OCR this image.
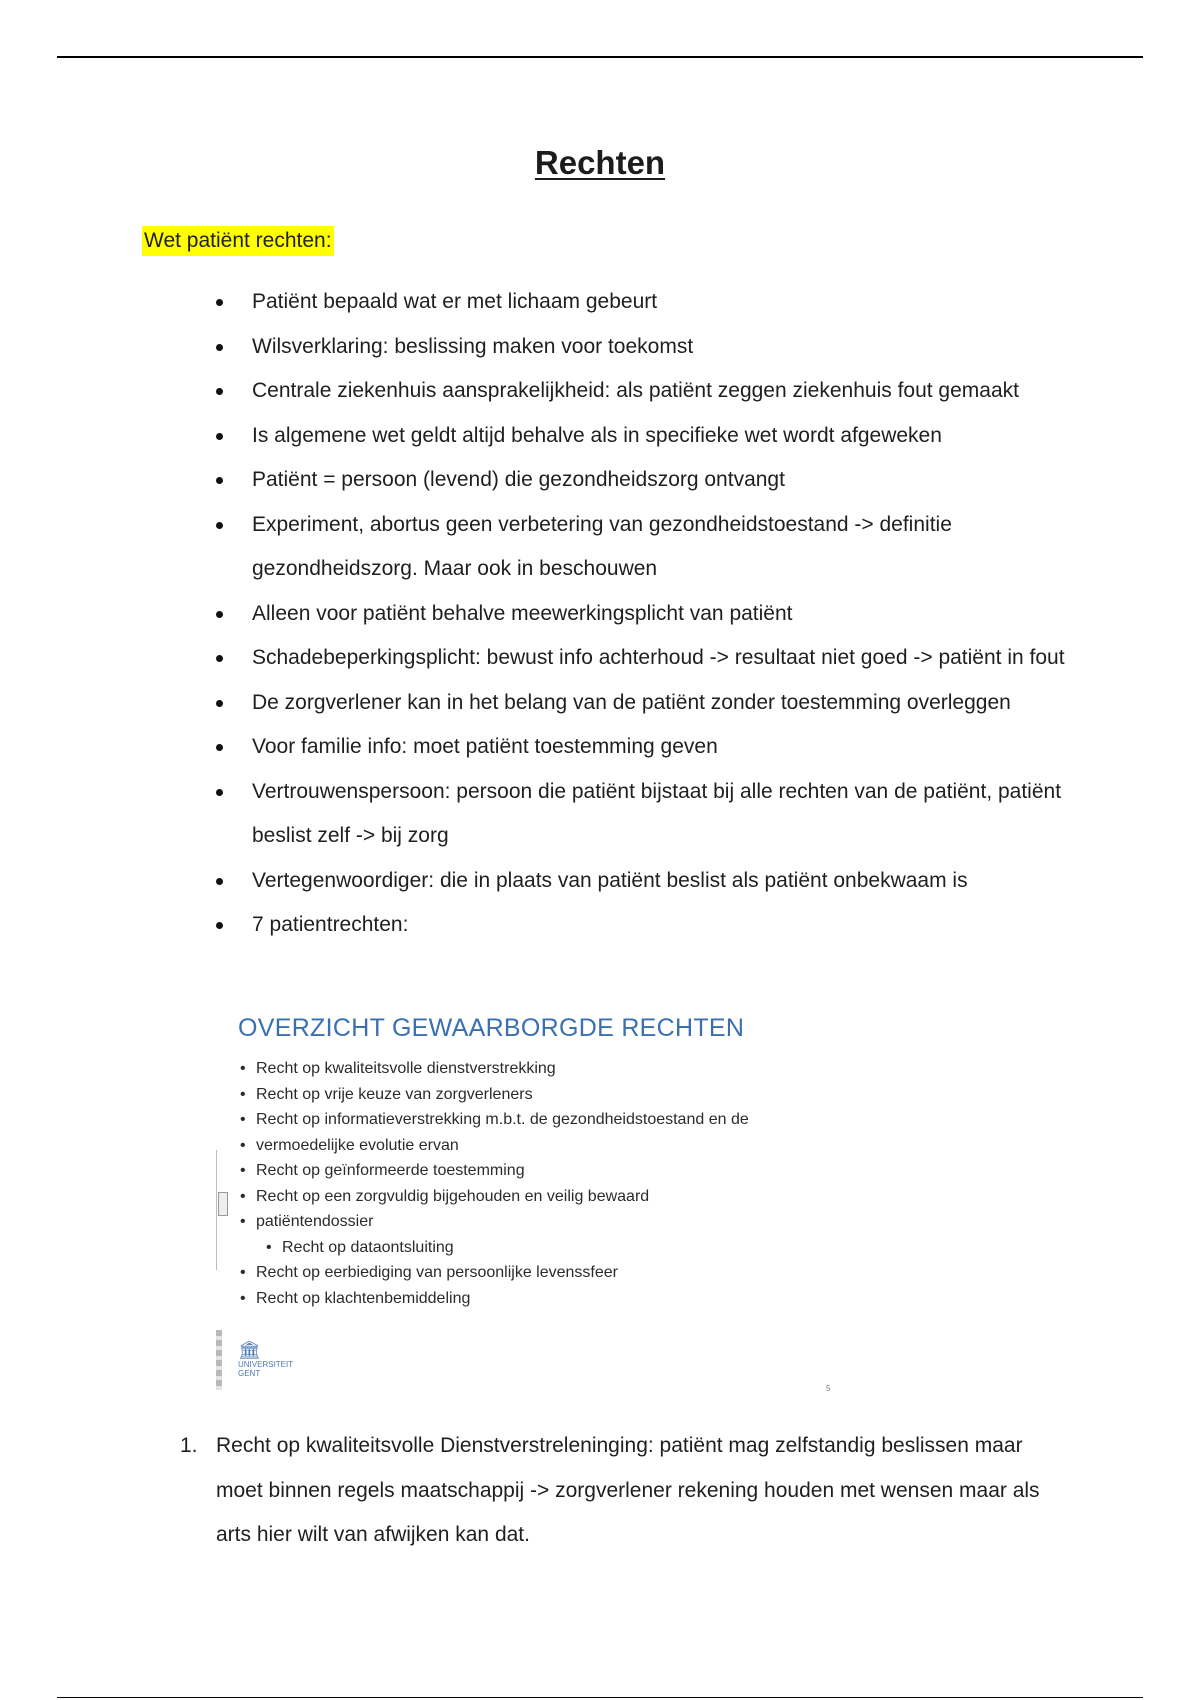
Rechten
Wet patiënt rechten:
Patiënt bepaald wat er met lichaam gebeurt
Wilsverklaring: beslissing maken voor toekomst
Centrale ziekenhuis aansprakelijkheid: als patiënt zeggen ziekenhuis fout gemaakt
Is algemene wet geldt altijd behalve als in specifieke wet wordt afgeweken
Patiënt = persoon (levend) die gezondheidszorg ontvangt
Experiment, abortus geen verbetering van gezondheidstoestand -> definitie gezondheidszorg. Maar ook in beschouwen
Alleen voor patiënt behalve meewerkingsplicht van patiënt
Schadebeperkingsplicht: bewust info achterhoud -> resultaat niet goed -> patiënt in fout
De zorgverlener kan in het belang van de patiënt zonder toestemming overleggen
Voor familie info: moet patiënt toestemming geven
Vertrouwenspersoon: persoon die patiënt bijstaat bij alle rechten van de patiënt, patiënt beslist zelf -> bij zorg
Vertegenwoordiger: die in plaats van patiënt beslist als patiënt onbekwaam is
7 patientrechten:
OVERZICHT GEWAARBORGDE RECHTEN
• Recht op kwaliteitsvolle dienstverstrekking
• Recht op vrije keuze van zorgverleners
• Recht op informatieverstrekking m.b.t. de gezondheidstoestand en de
• vermoedelijke evolutie ervan
• Recht op geïnformeerde toestemming
• Recht op een zorgvuldig bijgehouden en veilig bewaard
• patiëntendossier
• Recht op dataontsluiting
• Recht op eerbiediging van persoonlijke levenssfeer
• Recht op klachtenbemiddeling
🏛
UNIVERSITEIT
GENT
5
1. Recht op kwaliteitsvolle Dienstverstreleninging: patiënt mag zelfstandig beslissen maar moet binnen regels maatschappij -> zorgverlener rekening houden met wensen maar als arts hier wilt van afwijken kan dat.
